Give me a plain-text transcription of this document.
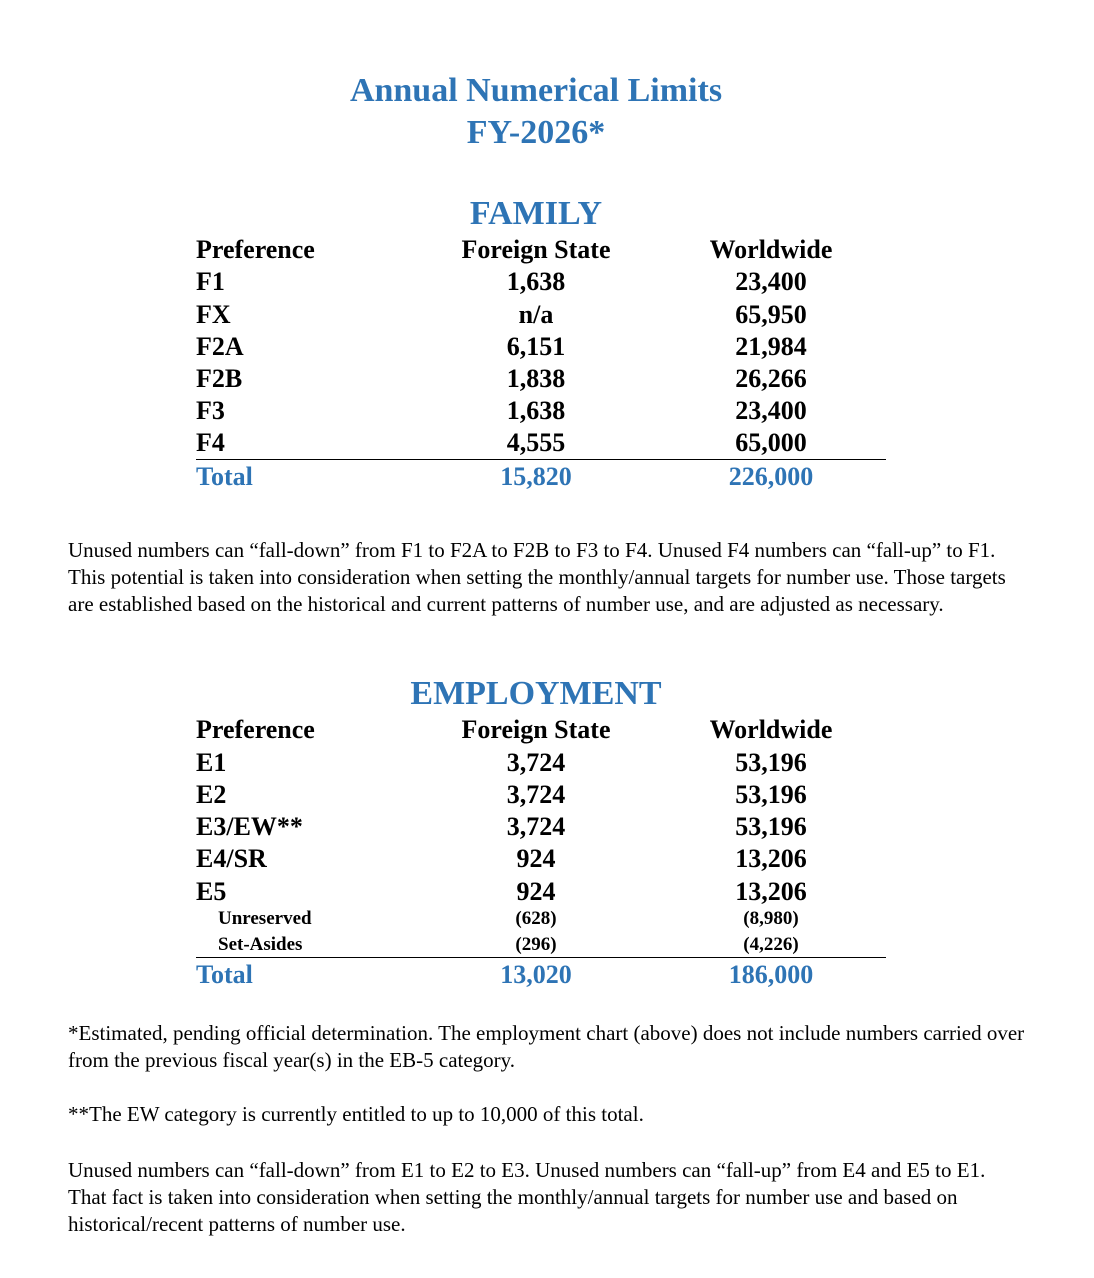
Annual Numerical Limits
FY-2026*
FAMILY
Preference	Foreign State	Worldwide
F1	1,638	23,400
FX	n/a	65,950
F2A	6,151	21,984
F2B	1,838	26,266
F3	1,638	23,400
F4	4,555	65,000
Total	15,820	226,000
Unused numbers can “fall-down” from F1 to F2A to F2B to F3 to F4. Unused F4 numbers can “fall-up” to F1. This potential is taken into consideration when setting the monthly/annual targets for number use. Those targets are established based on the historical and current patterns of number use, and are adjusted as necessary.
EMPLOYMENT
Preference	Foreign State	Worldwide
E1	3,724	53,196
E2	3,724	53,196
E3/EW**	3,724	53,196
E4/SR	924	13,206
E5	924	13,206
Unreserved	(628)	(8,980)
Set-Asides	(296)	(4,226)
Total	13,020	186,000
*Estimated, pending official determination. The employment chart (above) does not include numbers carried over from the previous fiscal year(s) in the EB-5 category.
**The EW category is currently entitled to up to 10,000 of this total.
Unused numbers can “fall-down” from E1 to E2 to E3. Unused numbers can “fall-up” from E4 and E5 to E1. That fact is taken into consideration when setting the monthly/annual targets for number use and based on historical/recent patterns of number use.
